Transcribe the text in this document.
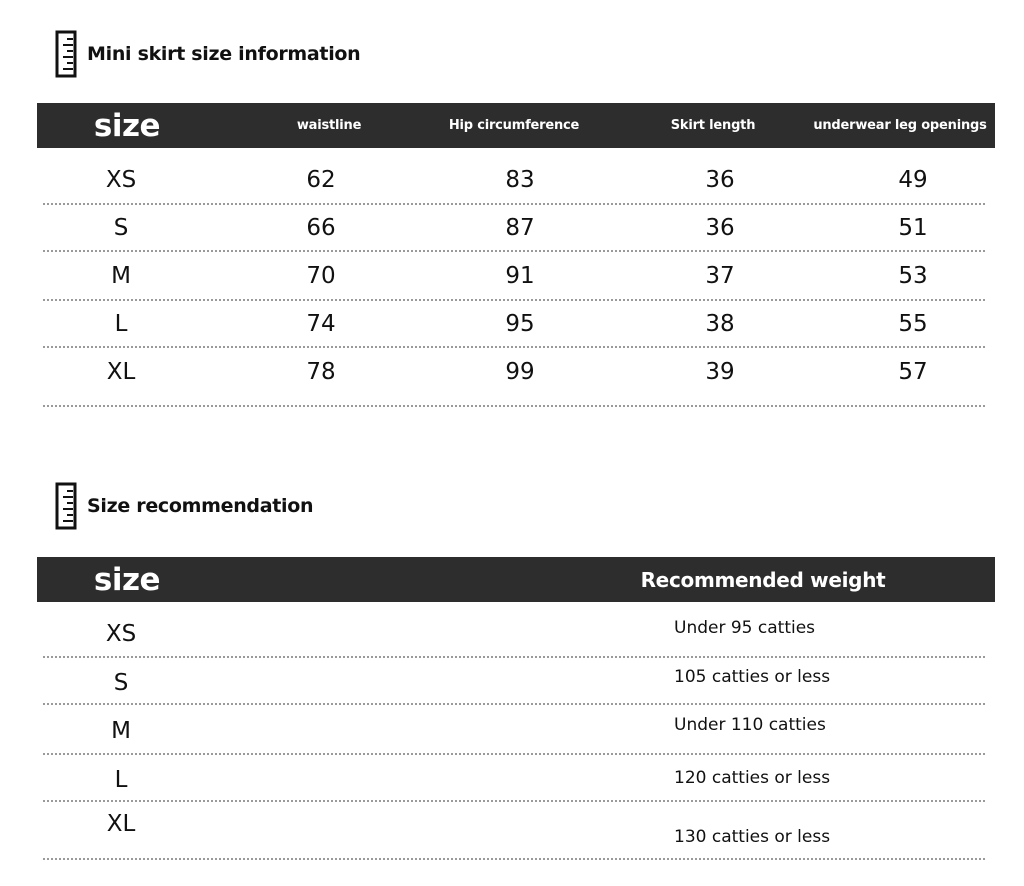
Mini skirt size information
size	waistline	Hip circumference	Skirt length	underwear leg openings
XS	62	83	36	49
S	66	87	36	51
M	70	91	37	53
L	74	95	38	55
XL	78	99	39	57
Size recommendation
size	Recommended weight
XS	Under 95 catties
S	105 catties or less
M	Under 110 catties
L	120 catties or less
XL	130 catties or less
